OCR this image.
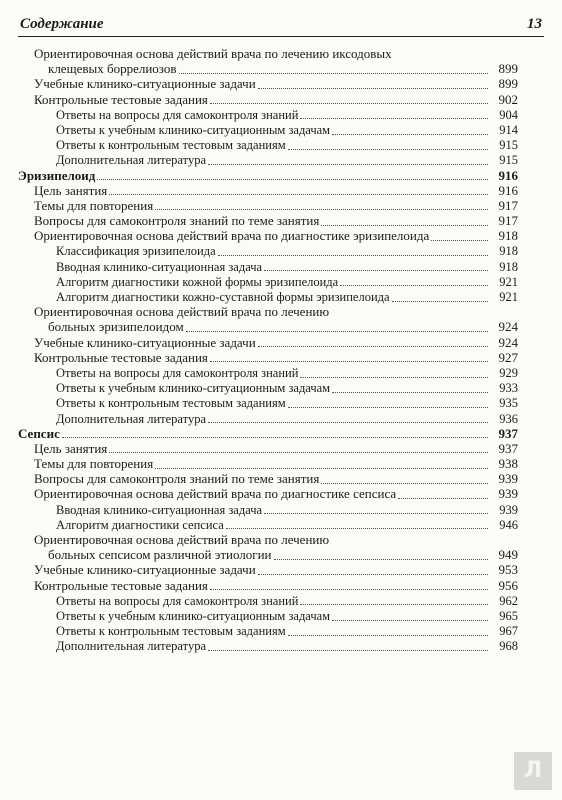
Содержание	13
Ориентировочная основа действий врача по лечению иксодовых
клещевых боррелиозов	899
Учебные клинико-ситуационные задачи	899
Контрольные тестовые задания	902
Ответы на вопросы для самоконтроля знаний	904
Ответы к учебным клинико-ситуационным задачам	914
Ответы к контрольным тестовым заданиям	915
Дополнительная литература	915
Эризипелоид	916
Цель занятия	916
Темы для повторения	917
Вопросы для самоконтроля знаний по теме занятия	917
Ориентировочная основа действий врача по диагностике эризипелоида	918
Классификация эризипелоида	918
Вводная клинико-ситуационная задача	918
Алгоритм диагностики кожной формы эризипелоида	921
Алгоритм диагностики кожно-суставной формы эризипелоида	921
Ориентировочная основа действий врача по лечению
больных эризипелоидом	924
Учебные клинико-ситуационные задачи	924
Контрольные тестовые задания	927
Ответы на вопросы для самоконтроля знаний	929
Ответы к учебным клинико-ситуационным задачам	933
Ответы к контрольным тестовым заданиям	935
Дополнительная литература	936
Сепсис	937
Цель занятия	937
Темы для повторения	938
Вопросы для самоконтроля знаний по теме занятия	939
Ориентировочная основа действий врача по диагностике сепсиса	939
Вводная клинико-ситуационная задача	939
Алгоритм диагностики сепсиса	946
Ориентировочная основа действий врача по лечению
больных сепсисом различной этиологии	949
Учебные клинико-ситуационные задачи	953
Контрольные тестовые задания	956
Ответы на вопросы для самоконтроля знаний	962
Ответы к учебным клинико-ситуационным задачам	965
Ответы к контрольным тестовым заданиям	967
Дополнительная литература	968
Л
